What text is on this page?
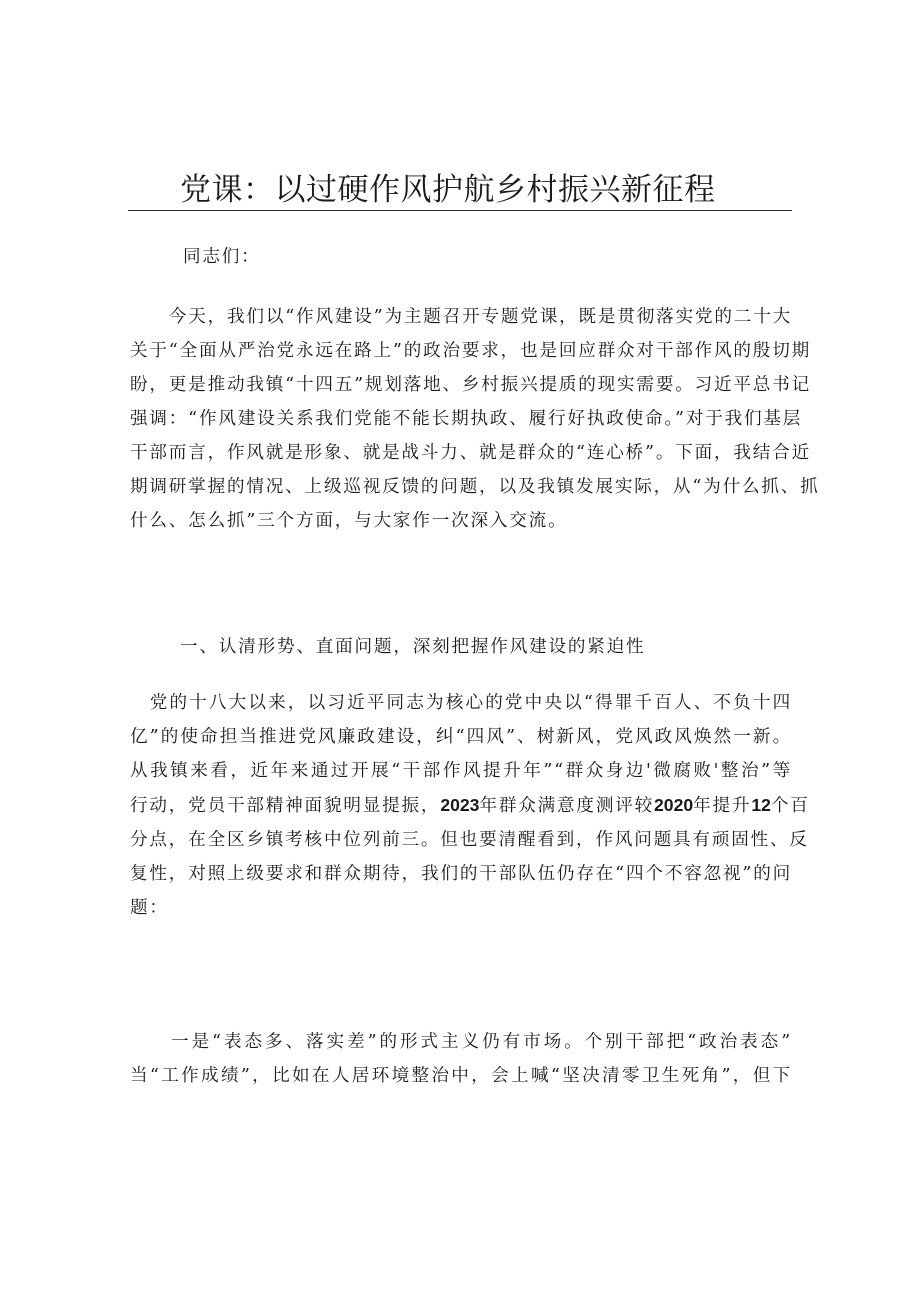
党课：以过硬作风护航乡村振兴新征程

同志们：

　　今天，我们以“作风建设”为主题召开专题党课，既是贯彻落实党的二十大
关于“全面从严治党永远在路上”的政治要求，也是回应群众对干部作风的殷切期
盼，更是推动我镇“十四五”规划落地、乡村振兴提质的现实需要。习近平总书记
强调：“作风建设关系我们党能不能长期执政、履行好执政使命。”对于我们基层
干部而言，作风就是形象、就是战斗力、就是群众的“连心桥”。下面，我结合近
期调研掌握的情况、上级巡视反馈的问题，以及我镇发展实际，从“为什么抓、抓
什么、怎么抓”三个方面，与大家作一次深入交流。

一、认清形势、直面问题，深刻把握作风建设的紧迫性

　党的十八大以来，以习近平同志为核心的党中央以“得罪千百人、不负十四
亿”的使命担当推进党风廉政建设，纠“四风”、树新风，党风政风焕然一新。
从我镇来看，近年来通过开展“干部作风提升年”“群众身边'微腐败'整治”等
行动，党员干部精神面貌明显提振，2023年群众满意度测评较2020年提升12个百
分点，在全区乡镇考核中位列前三。但也要清醒看到，作风问题具有顽固性、反
复性，对照上级要求和群众期待，我们的干部队伍仍存在“四个不容忽视”的问
题：

　　一是“表态多、落实差”的形式主义仍有市场。个别干部把“政治表态”
当“工作成绩”，比如在人居环境整治中，会上喊“坚决清零卫生死角”，但下
